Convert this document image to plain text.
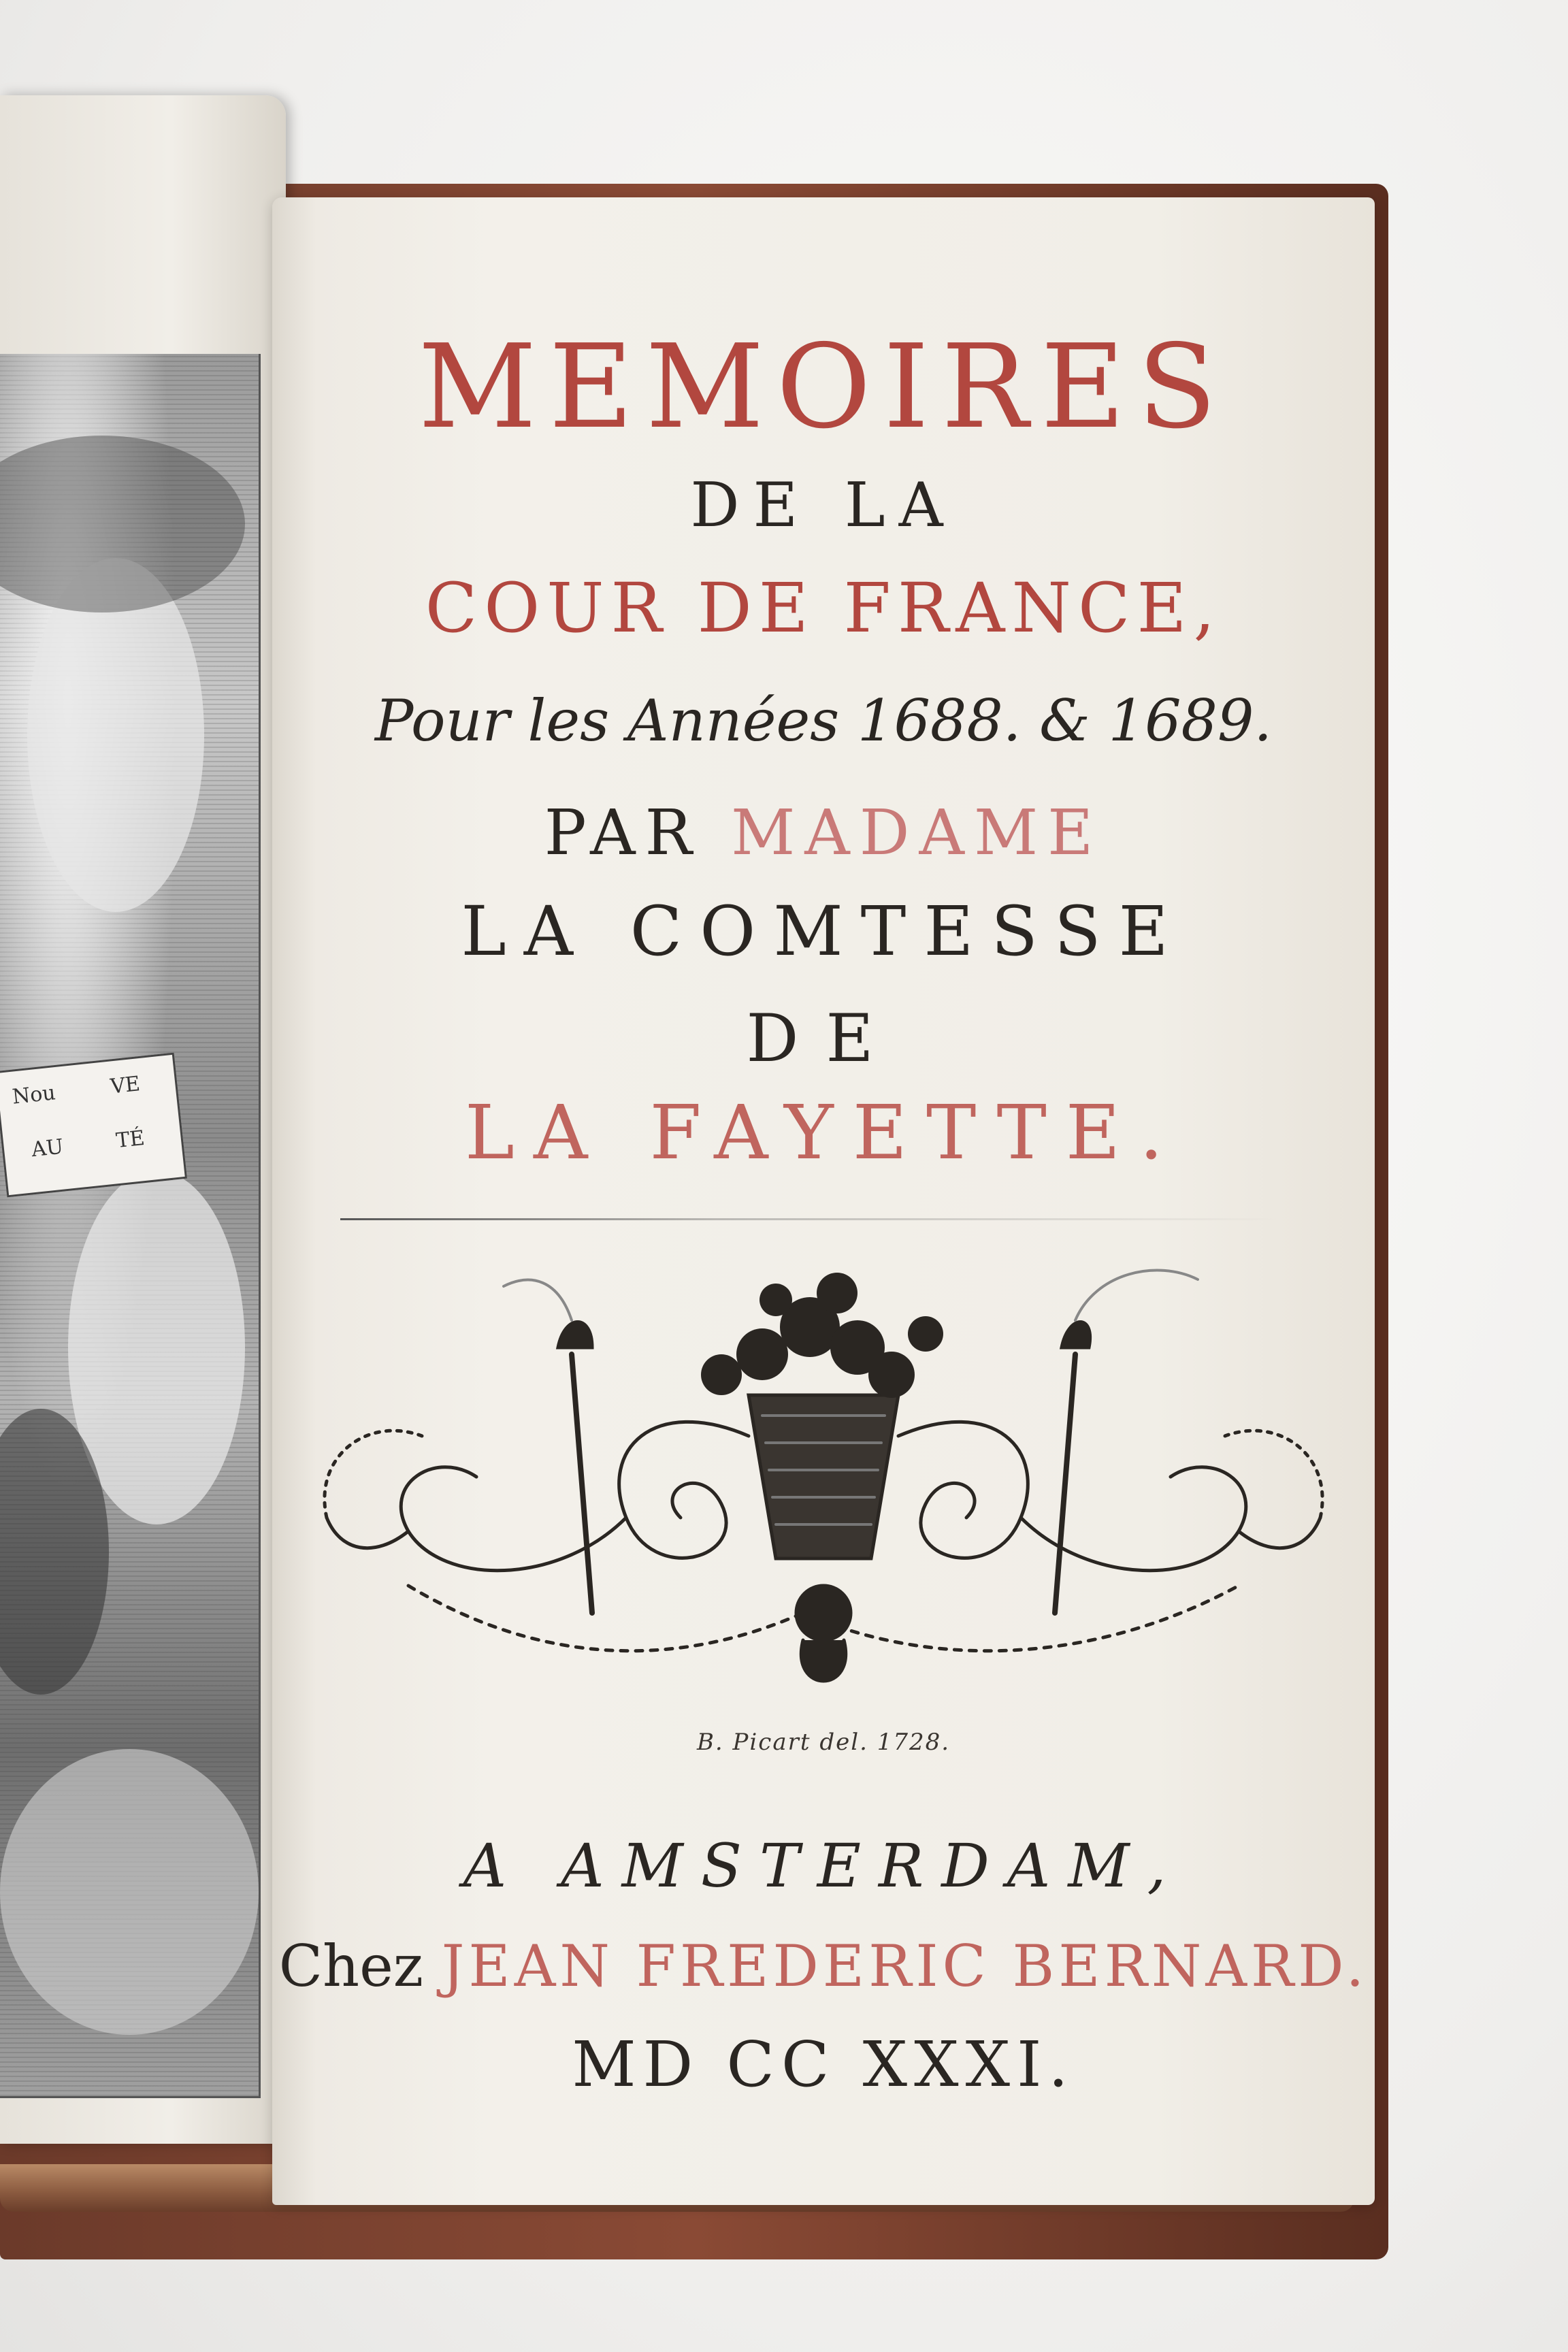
Nou
AU
VE
TÉ
MEMOIRES
DE LA
COUR DE FRANCE,
Pour les Années 1688. & 1689.
PAR MADAME
LA COMTESSE
DE
LA FAYETTE.
B. Picart del. 1728.
A AMSTERDAM,
Chez JEAN FREDERIC BERNARD.
MD CC XXXI.
